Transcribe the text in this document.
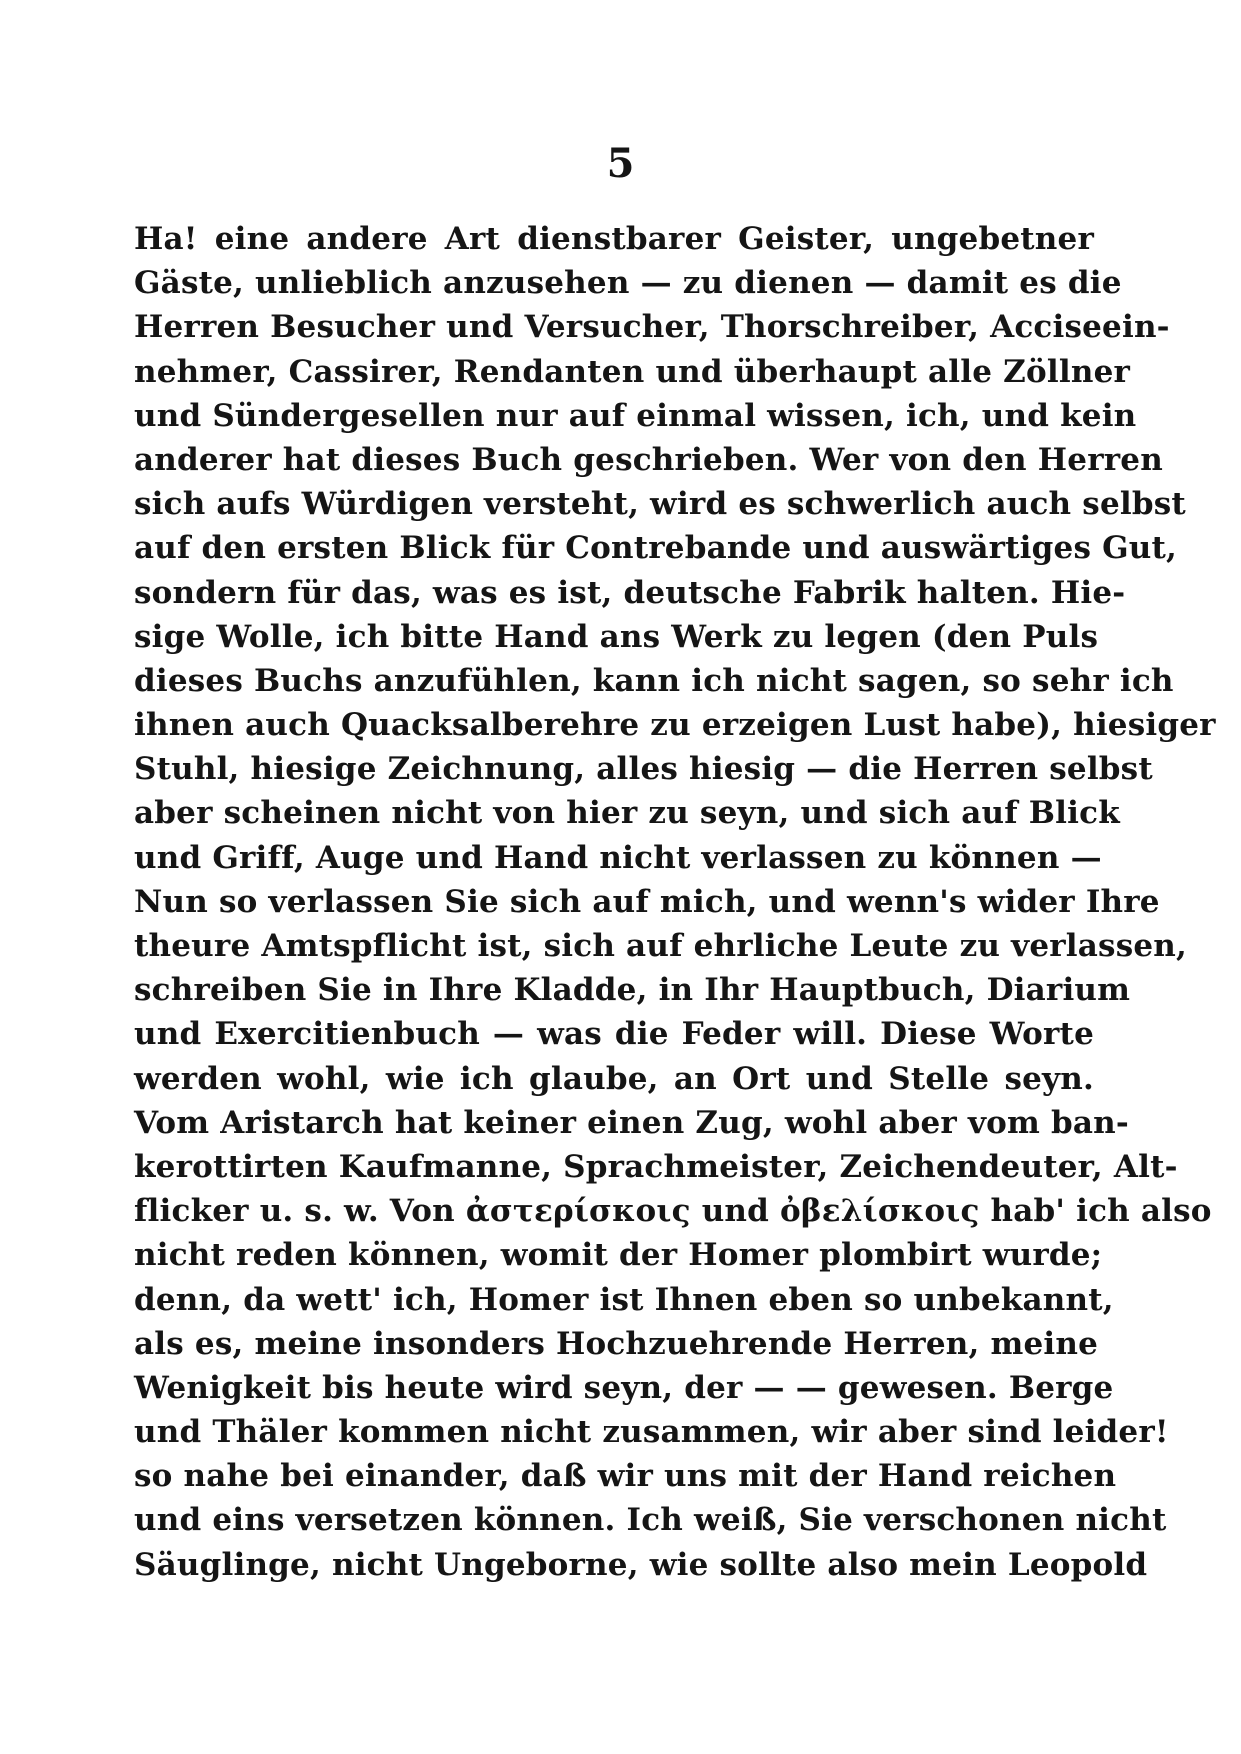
5
Ha! eine andere Art dienstbarer Geister, ungebetner
Gäste, unlieblich anzusehen — zu dienen — damit es die
Herren Besucher und Versucher, Thorschreiber, Acciseein-
nehmer, Cassirer, Rendanten und überhaupt alle Zöllner
und Sündergesellen nur auf einmal wissen, ich, und kein
anderer hat dieses Buch geschrieben. Wer von den Herren
sich aufs Würdigen versteht, wird es schwerlich auch selbst
auf den ersten Blick für Contrebande und auswärtiges Gut,
sondern für das, was es ist, deutsche Fabrik halten. Hie-
sige Wolle, ich bitte Hand ans Werk zu legen (den Puls
dieses Buchs anzufühlen, kann ich nicht sagen, so sehr ich
ihnen auch Quacksalberehre zu erzeigen Lust habe), hiesiger
Stuhl, hiesige Zeichnung, alles hiesig — die Herren selbst
aber scheinen nicht von hier zu seyn, und sich auf Blick
und Griff, Auge und Hand nicht verlassen zu können —
Nun so verlassen Sie sich auf mich, und wenn's wider Ihre
theure Amtspflicht ist, sich auf ehrliche Leute zu verlassen,
schreiben Sie in Ihre Kladde, in Ihr Hauptbuch, Diarium
und Exercitienbuch — was die Feder will. Diese Worte
werden wohl, wie ich glaube, an Ort und Stelle seyn.
Vom Aristarch hat keiner einen Zug, wohl aber vom ban-
kerottirten Kaufmanne, Sprachmeister, Zeichendeuter, Alt-
flicker u. s. w. Von ἀστερίσκοις und ὀβελίσκοις hab' ich also
nicht reden können, womit der Homer plombirt wurde;
denn, da wett' ich, Homer ist Ihnen eben so unbekannt,
als es, meine insonders Hochzuehrende Herren, meine
Wenigkeit bis heute wird seyn, der — — gewesen. Berge
und Thäler kommen nicht zusammen, wir aber sind leider!
so nahe bei einander, daß wir uns mit der Hand reichen
und eins versetzen können. Ich weiß, Sie verschonen nicht
Säuglinge, nicht Ungeborne, wie sollte also mein Leopold
